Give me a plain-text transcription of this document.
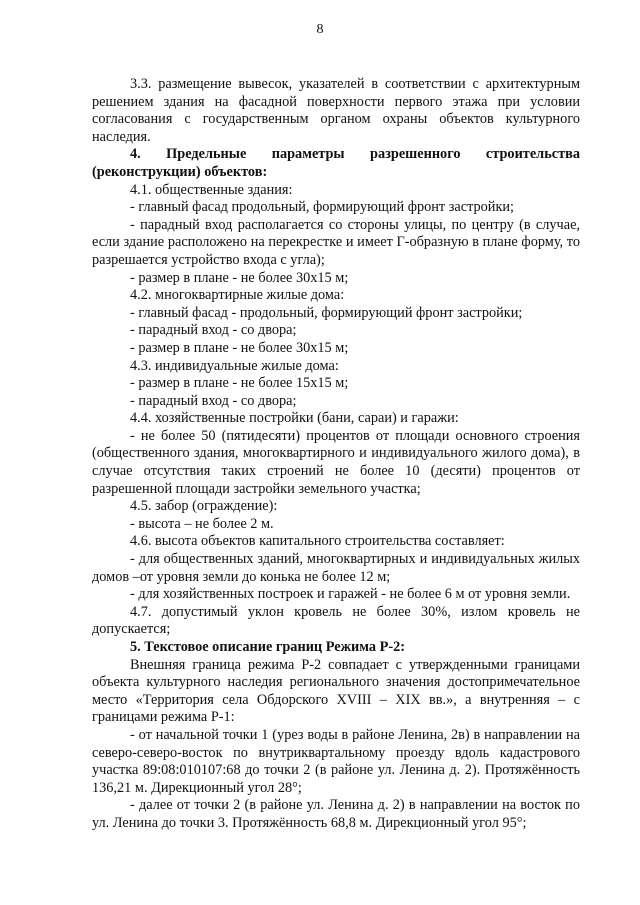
8

3.3. размещение вывесок, указателей в соответствии с архитектурным решением здания на фасадной поверхности первого этажа при условии согласования с государственным органом охраны объектов культурного наследия.

4. Предельные параметры разрешенного строительства

(реконструкции) объектов:

4.1. общественные здания:

- главный фасад продольный, формирующий фронт застройки;

- парадный вход располагается со стороны улицы, по центру (в случае, если здание расположено на перекрестке и имеет Г-образную в плане форму, то разрешается устройство входа с угла);

- размер в плане - не более 30х15 м;

4.2. многоквартирные жилые дома:

- главный фасад - продольный, формирующий фронт застройки;

- парадный вход - со двора;

- размер в плане - не более 30х15 м;

4.3. индивидуальные жилые дома:

- размер в плане - не более 15х15 м;

- парадный вход - со двора;

4.4. хозяйственные постройки (бани, сараи) и гаражи:

- не более 50 (пятидесяти) процентов от площади основного строения (общественного здания, многоквартирного и индивидуального жилого дома), в случае отсутствия таких строений не более 10 (десяти) процентов от разрешенной площади застройки земельного участка;

4.5. забор (ограждение):

- высота – не более 2 м.

4.6. высота объектов капитального строительства составляет:

- для общественных зданий, многоквартирных и индивидуальных жилых домов –от уровня земли до конька не более 12 м;

- для хозяйственных построек и гаражей - не более 6 м от уровня земли.

4.7. допустимый уклон кровель не более 30%, излом кровель не допускается;

5. Текстовое описание границ Режима Р-2:

Внешняя граница режима Р-2 совпадает с утвержденными границами объекта культурного наследия регионального значения достопримечательное место «Территория села Обдорского XVIII – XIX вв.», а внутренняя – с границами режима Р-1:

- от начальной точки 1 (урез воды в районе Ленина, 2в) в направлении на северо-северо-восток по внутриквартальному проезду вдоль кадастрового участка 89:08:010107:68 до точки 2 (в районе ул. Ленина д. 2). Протяжённость 136,21 м. Дирекционный угол 28°;

- далее от точки 2 (в районе ул. Ленина д. 2) в направлении на восток по ул. Ленина до точки 3. Протяжённость 68,8 м. Дирекционный угол 95°;
